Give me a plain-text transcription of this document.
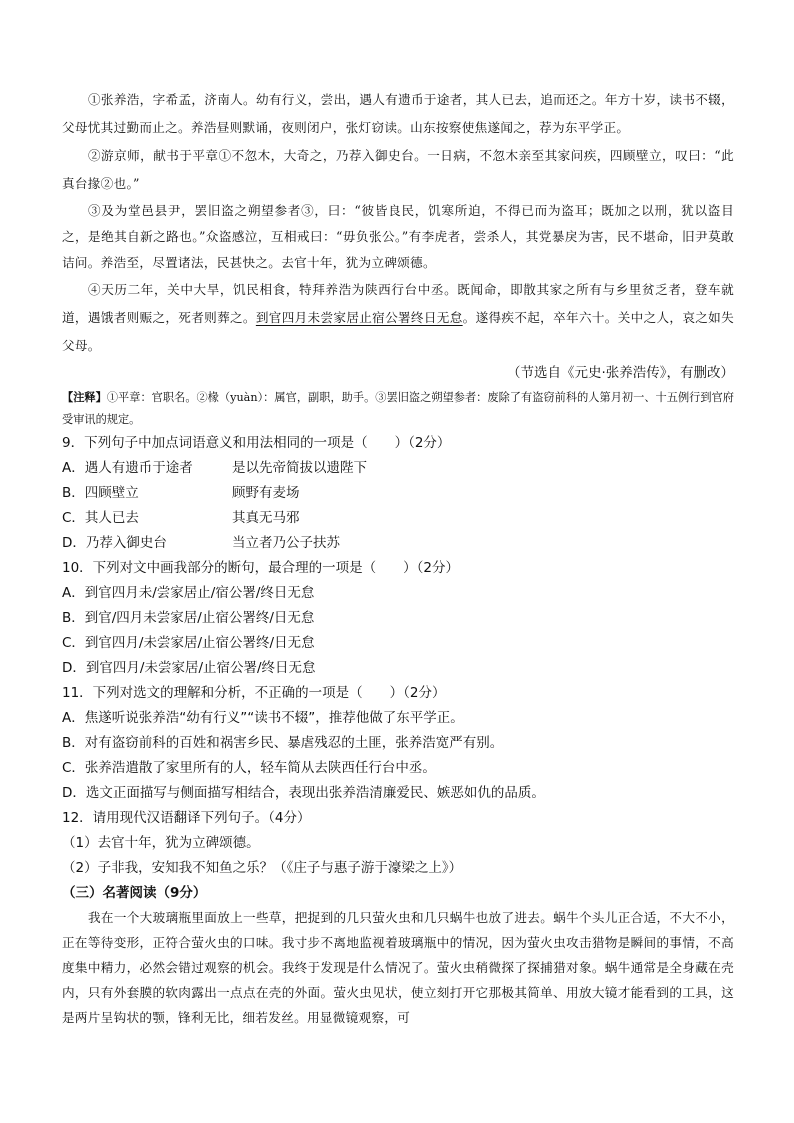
①张养浩，字希孟，济南人。幼有行义，尝出，遇人有遗币于途者，其人已去，追而还之。年方十岁，读书不辍，父母忧其过勤而止之。养浩昼则默诵，夜则闭户，张灯窃读。山东按察使焦遂闻之，荐为东平学正。

②游京师，献书于平章①不忽木，大奇之，乃荐入御史台。一日病，不忽木亲至其家问疾，四顾壁立，叹曰：“此真台掾②也。”

③及为堂邑县尹，罢旧盗之朔望参者③，曰：“彼皆良民，饥寒所迫，不得已而为盗耳；既加之以刑，犹以盗目之，是绝其自新之路也。”众盗感泣，互相戒曰：“毋负张公。”有李虎者，尝杀人，其党暴戾为害，民不堪命，旧尹莫敢诘问。养浩至，尽置诸法，民甚快之。去官十年，犹为立碑颂德。

④天历二年，关中大旱，饥民相食，特拜养浩为陕西行台中丞。既闻命，即散其家之所有与乡里贫乏者，登车就道，遇饿者则赈之，死者则葬之。到官四月未尝家居止宿公署终日无怠。遂得疾不起，卒年六十。关中之人，哀之如失父母。

（节选自《元史·张养浩传》，有删改）

【注释】①平章：官职名。②椽（yuàn）：属官，副职，助手。③罢旧盗之朔望参者：废除了有盗窃前科的人第月初一、十五例行到官府受审讯的规定。

9．下列句子中加点词语意义和用法相同的一项是（　　）（2分）

A．遇人有遗币于途者	是以先帝简拔以遗陛下
B．四顾壁立	顾野有麦场
C．其人已去	其真无马邪
D．乃荐入御史台	当立者乃公子扶苏

10．下列对文中画我部分的断句，最合理的一项是（　　）（2分）

A．到官四月未/尝家居止/宿公署/终日无怠

B．到官/四月未尝家居/止宿公署终/日无怠

C．到官四月/未尝家居/止宿公署终/日无怠

D．到官四月/未尝家居/止宿公署/终日无怠

11．下列对选文的理解和分析，不正确的一项是（　　）（2分）

A．焦遂听说张养浩“幼有行义”“读书不辍”，推荐他做了东平学正。

B．对有盗窃前科的百姓和祸害乡民、暴虐残忍的土匪，张养浩宽严有别。

C．张养浩遣散了家里所有的人，轻车简从去陕西任行台中丞。

D．选文正面描写与侧面描写相结合，表现出张养浩清廉爱民、嫉恶如仇的品质。

12．请用现代汉语翻译下列句子。（4分）

（1）去官十年，犹为立碑颂德。

（2）子非我，安知我不知鱼之乐？（《庄子与惠子游于濠梁之上》）

（三）名著阅读（9分）

我在一个大玻璃瓶里面放上一些草，把捉到的几只萤火虫和几只蜗牛也放了进去。蜗牛个头儿正合适，不大不小，正在等待变形，正符合萤火虫的口味。我寸步不离地监视着玻璃瓶中的情况，因为萤火虫攻击猎物是瞬间的事情，不高度集中精力，必然会错过观察的机会。我终于发现是什么情况了。萤火虫稍微探了探捕猎对象。蜗牛通常是全身藏在壳内，只有外套膜的软肉露出一点点在壳的外面。萤火虫见状，使立刻打开它那极其简单、用放大镜才能看到的工具，这是两片呈钩状的颚，锋利无比，细若发丝。用显微镜观察，可
